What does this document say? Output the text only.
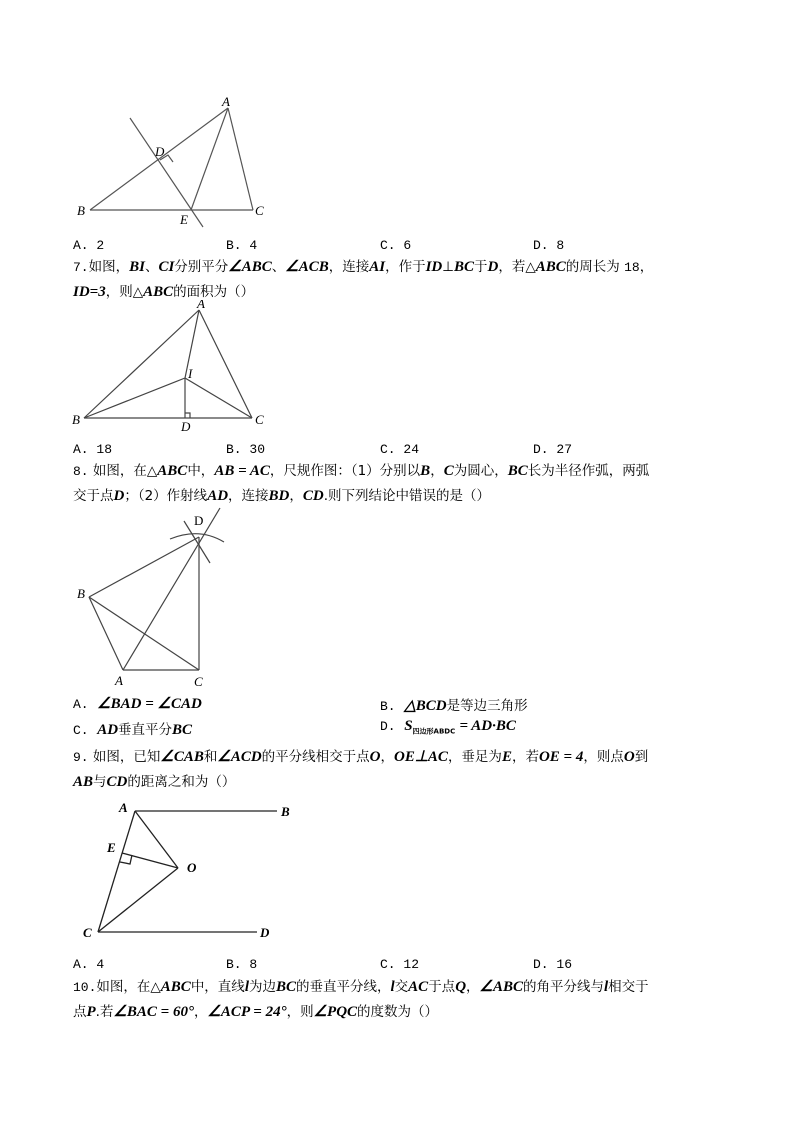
A
B	C
D
E
A. 2	B. 4	C. 6	D. 8
7.如图，BI、CI分别平分∠ABC、∠ACB，连接AI，作于ID⊥BC于D，若△ABC的周长为 18，
ID=3，则△ABC的面积为（）
A
B	C
D
I
A. 18	B. 30	C. 24	D. 27
8. 如图，在△ABC中，AB = AC，尺规作图：（1）分别以B，C为圆心，BC长为半径作弧，两弧
交于点D；（2）作射线AD，连接BD，CD.则下列结论中错误的是（）
D
B
A	C
A. ∠BAD = ∠CAD	B. △BCD是等边三角形
C. AD垂直平分BC	D. $S_{四边形ABDC} = AD\cdot BC$
9. 如图，已知∠CAB和∠ACD的平分线相交于点O，OE⊥AC，垂足为E，若OE = 4，则点O到
AB与CD的距离之和为（）
A	B
E
O
C	D
A. 4	B. 8	C. 12	D. 16
10.如图，在△ABC中，直线l为边BC的垂直平分线，l交AC于点Q，∠ABC的角平分线与l相交于
点P.若∠BAC = 60°，∠ACP = 24°，则∠PQC的度数为（）
